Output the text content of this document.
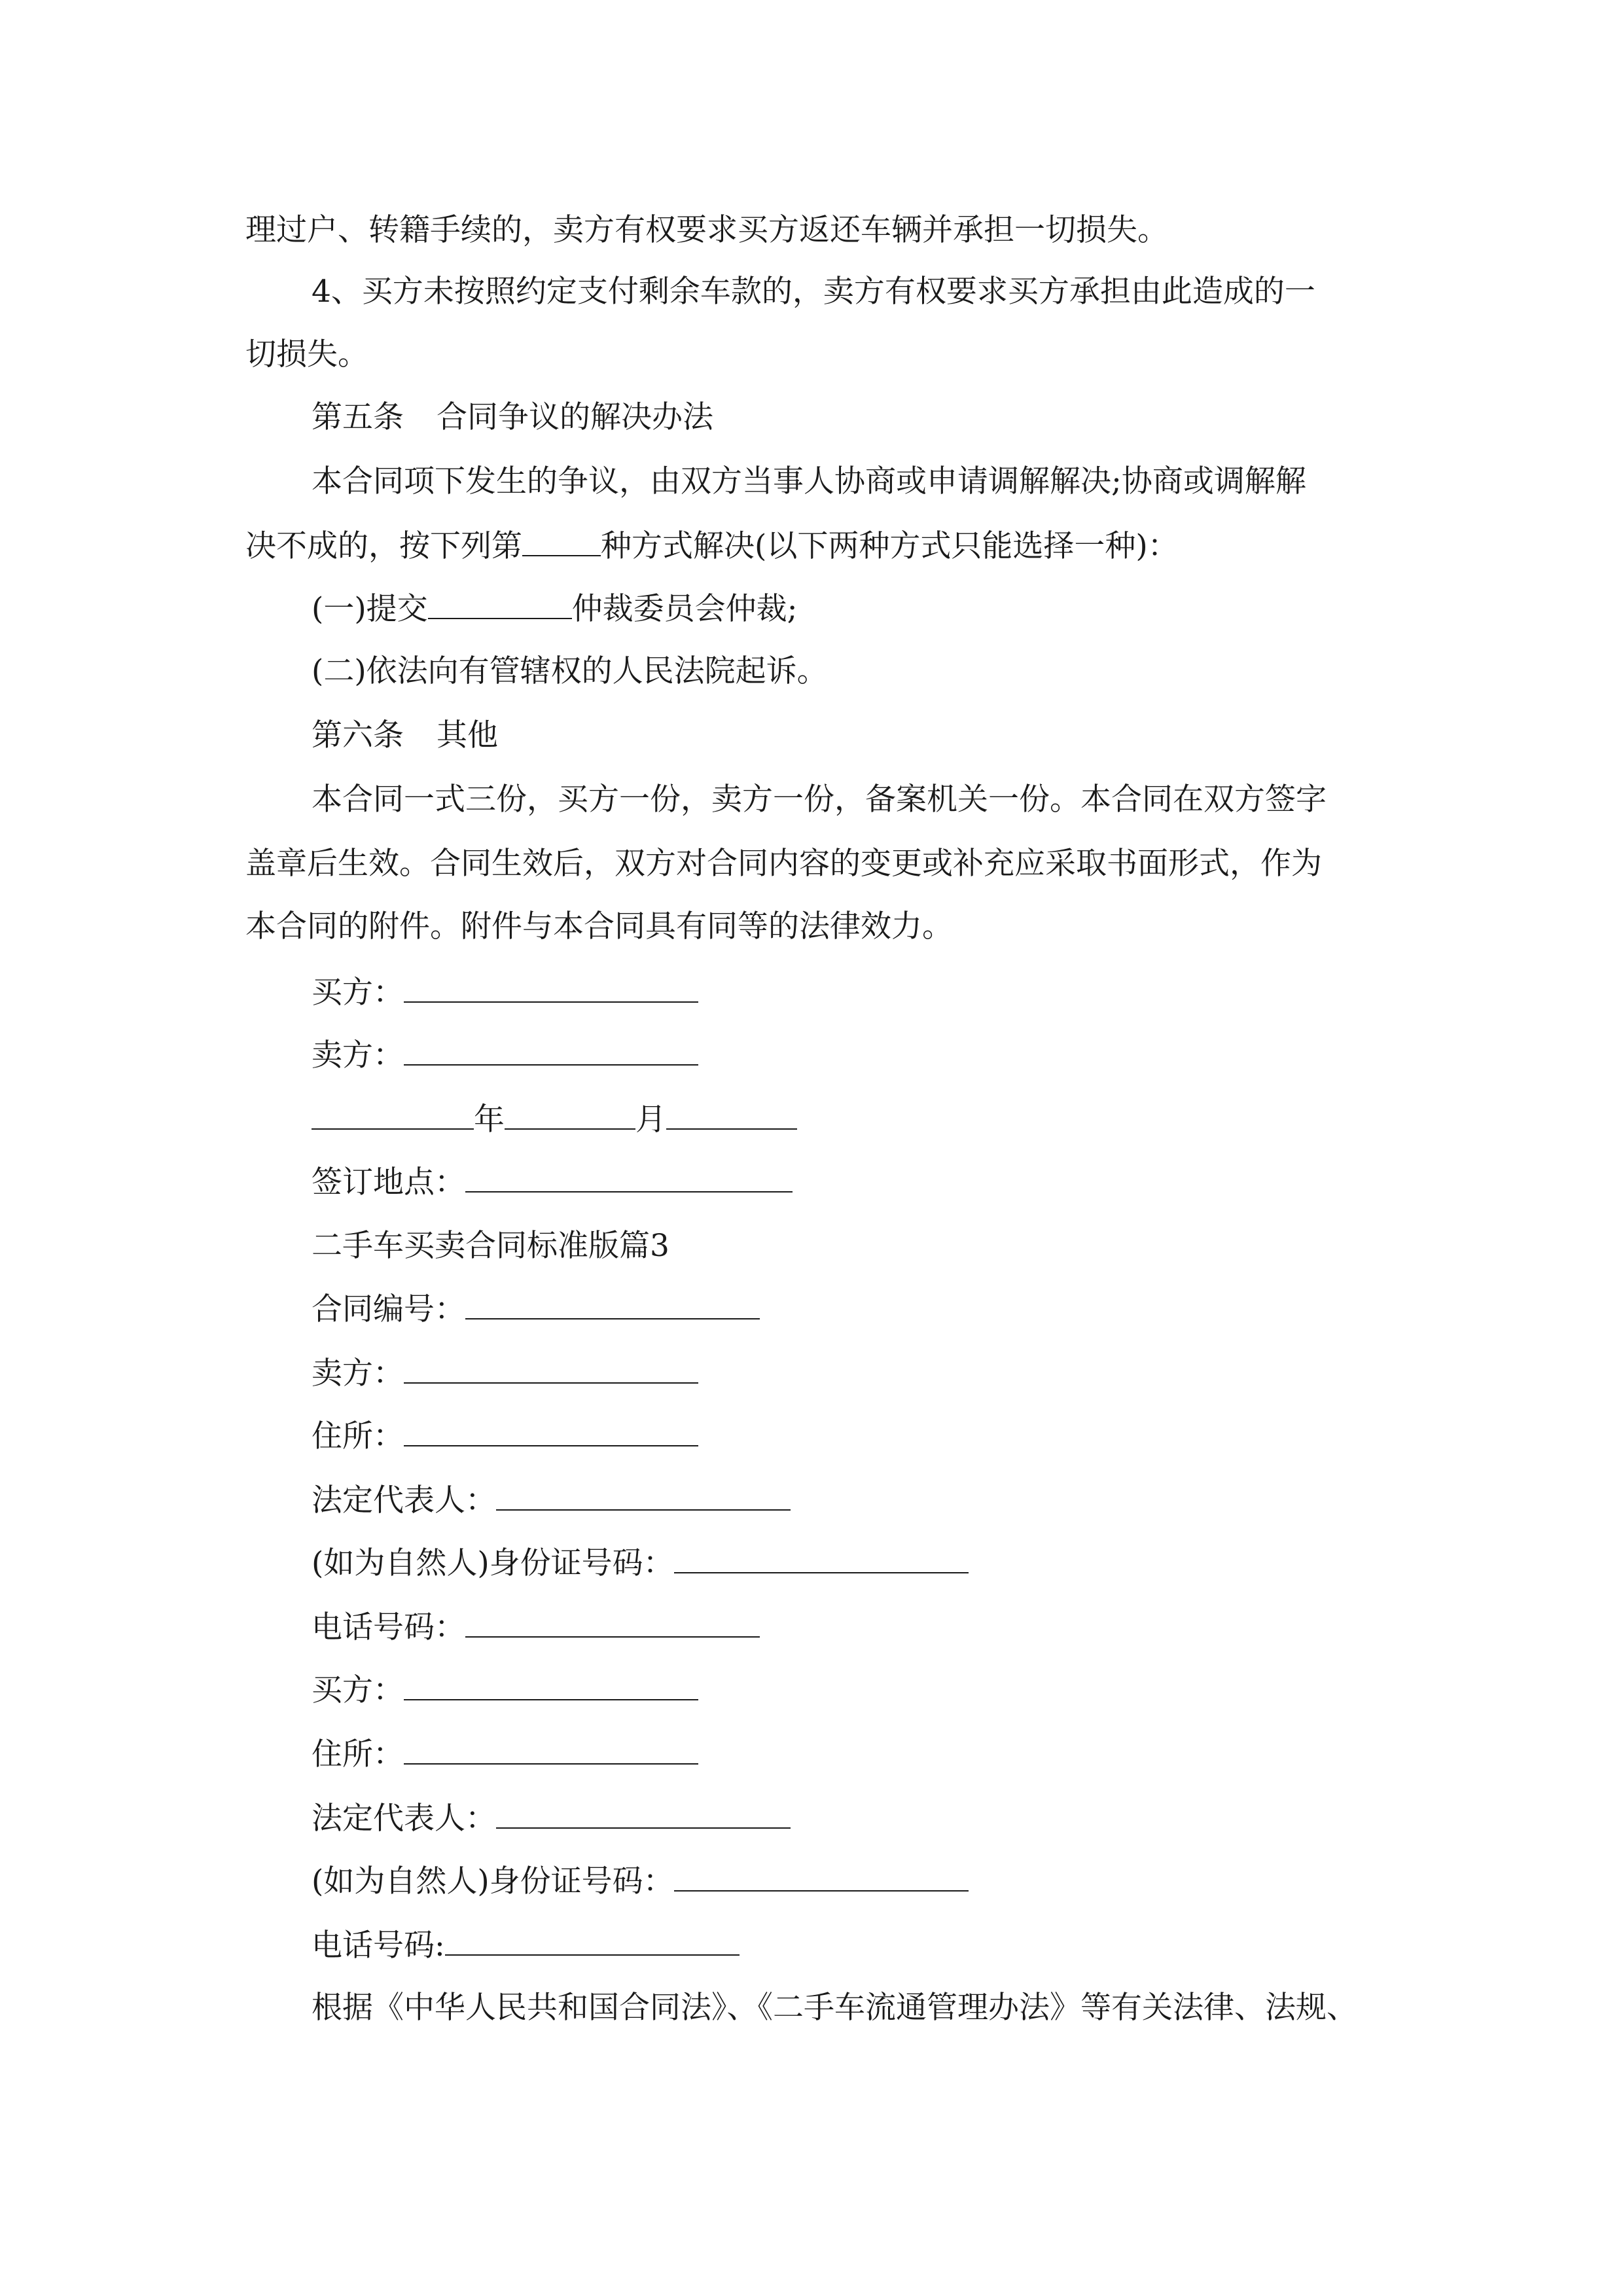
理过户、转籍手续的，卖方有权要求买方返还车辆并承担一切损失。
4、买方未按照约定支付剩余车款的，卖方有权要求买方承担由此造成的一
切损失。
第五条 合同争议的解决办法
本合同项下发生的争议，由双方当事人协商或申请调解解决;协商或调解解
决不成的，按下列第	种方式解决(以下两种方式只能选择一种)：
(一)提交	仲裁委员会仲裁;
(二)依法向有管辖权的人民法院起诉。
第六条 其他
本合同一式三份，买方一份，卖方一份，备案机关一份。本合同在双方签字
盖章后生效。合同生效后，双方对合同内容的变更或补充应采取书面形式，作为
本合同的附件。附件与本合同具有同等的法律效力。
买方：
卖方：
年	月
签订地点：
二手车买卖合同标准版篇3
合同编号：
卖方：
住所：
法定代表人：
(如为自然人)身份证号码：
电话号码：
买方：
住所：
法定代表人：
(如为自然人)身份证号码：
电话号码:
根据《中华人民共和国合同法》、《二手车流通管理办法》等有关法律、法规、
